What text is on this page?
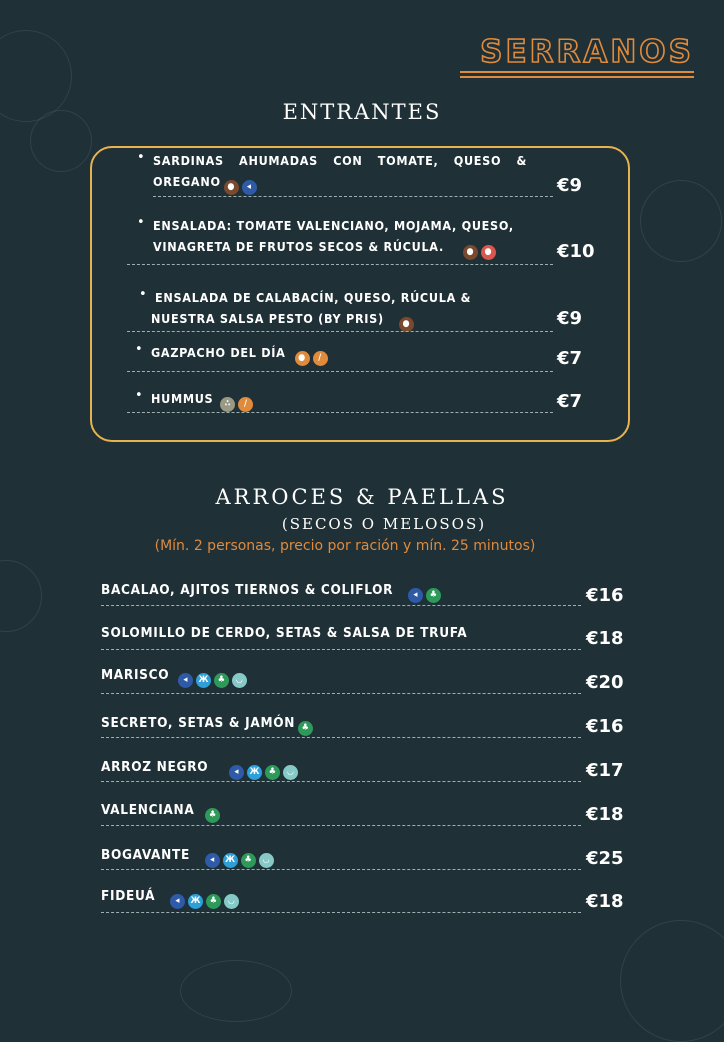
SERRANOS
ENTRANTES
• SARDINAS AHUMADAS CON TOMATE, QUESO &
OREGANO ● ◂	€9
• ENSALADA: TOMATE VALENCIANO, MOJAMA, QUESO,
VINAGRETA DE FRUTOS SECOS & RÚCULA.	● ●	€10
• ENSALADA DE CALABACÍN, QUESO, RÚCULA &
NUESTRA SALSA PESTO (BY PRIS) ●	€9
• GAZPACHO DEL DÍA ● /	€7
• HUMMUS ∴ /	€7
ARROCES & PAELLAS
(SECOS O MELOSOS)
(Mín. 2 personas, precio por ración y mín. 25 minutos)
BACALAO, AJITOS TIERNOS & COLIFLOR ◂ ♣	€16
SOLOMILLO DE CERDO, SETAS & SALSA DE TRUFA	€18
MARISCO ◂ Ж ♣ ◡	€20
SECRETO, SETAS & JAMÓN ♣	€16
ARROZ NEGRO	◂ Ж ♣ ◡	€17
VALENCIANA ♣	€18
BOGAVANTE ◂ Ж ♣ ◡	€25
FIDEUÁ ◂ Ж ♣ ◡	€18
